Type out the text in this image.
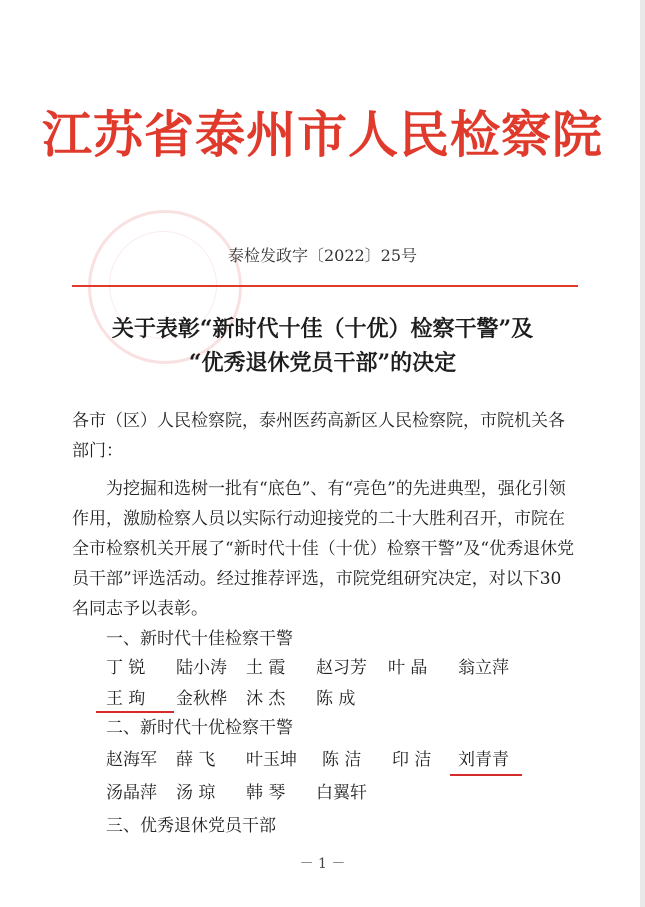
江苏省泰州市人民检察院
泰检发政字〔2022〕25号
关于表彰“新时代十佳（十优）检察干警”及
“优秀退休党员干部”的决定
各市（区）人民检察院，泰州医药高新区人民检察院，市院机关各部门：
为挖掘和选树一批有“底色”、有“亮色”的先进典型，强化引领作用，激励检察人员以实际行动迎接党的二十大胜利召开，市院在全市检察机关开展了“新时代十佳（十优）检察干警”及“优秀退休党员干部”评选活动。经过推荐评选，市院党组研究决定，对以下30名同志予以表彰。
一、新时代十佳检察干警
丁 锐 陆小涛 土 霞 赵习芳 叶 晶 翁立萍
王 珣 金秋桦 沐 杰 陈 成
二、新时代十优检察干警
赵海军 薛 飞 叶玉坤 陈 洁 印 洁 刘青青
汤晶萍 汤 琼 韩 琴 白翼轩
三、优秀退休党员干部
－ 1 －
